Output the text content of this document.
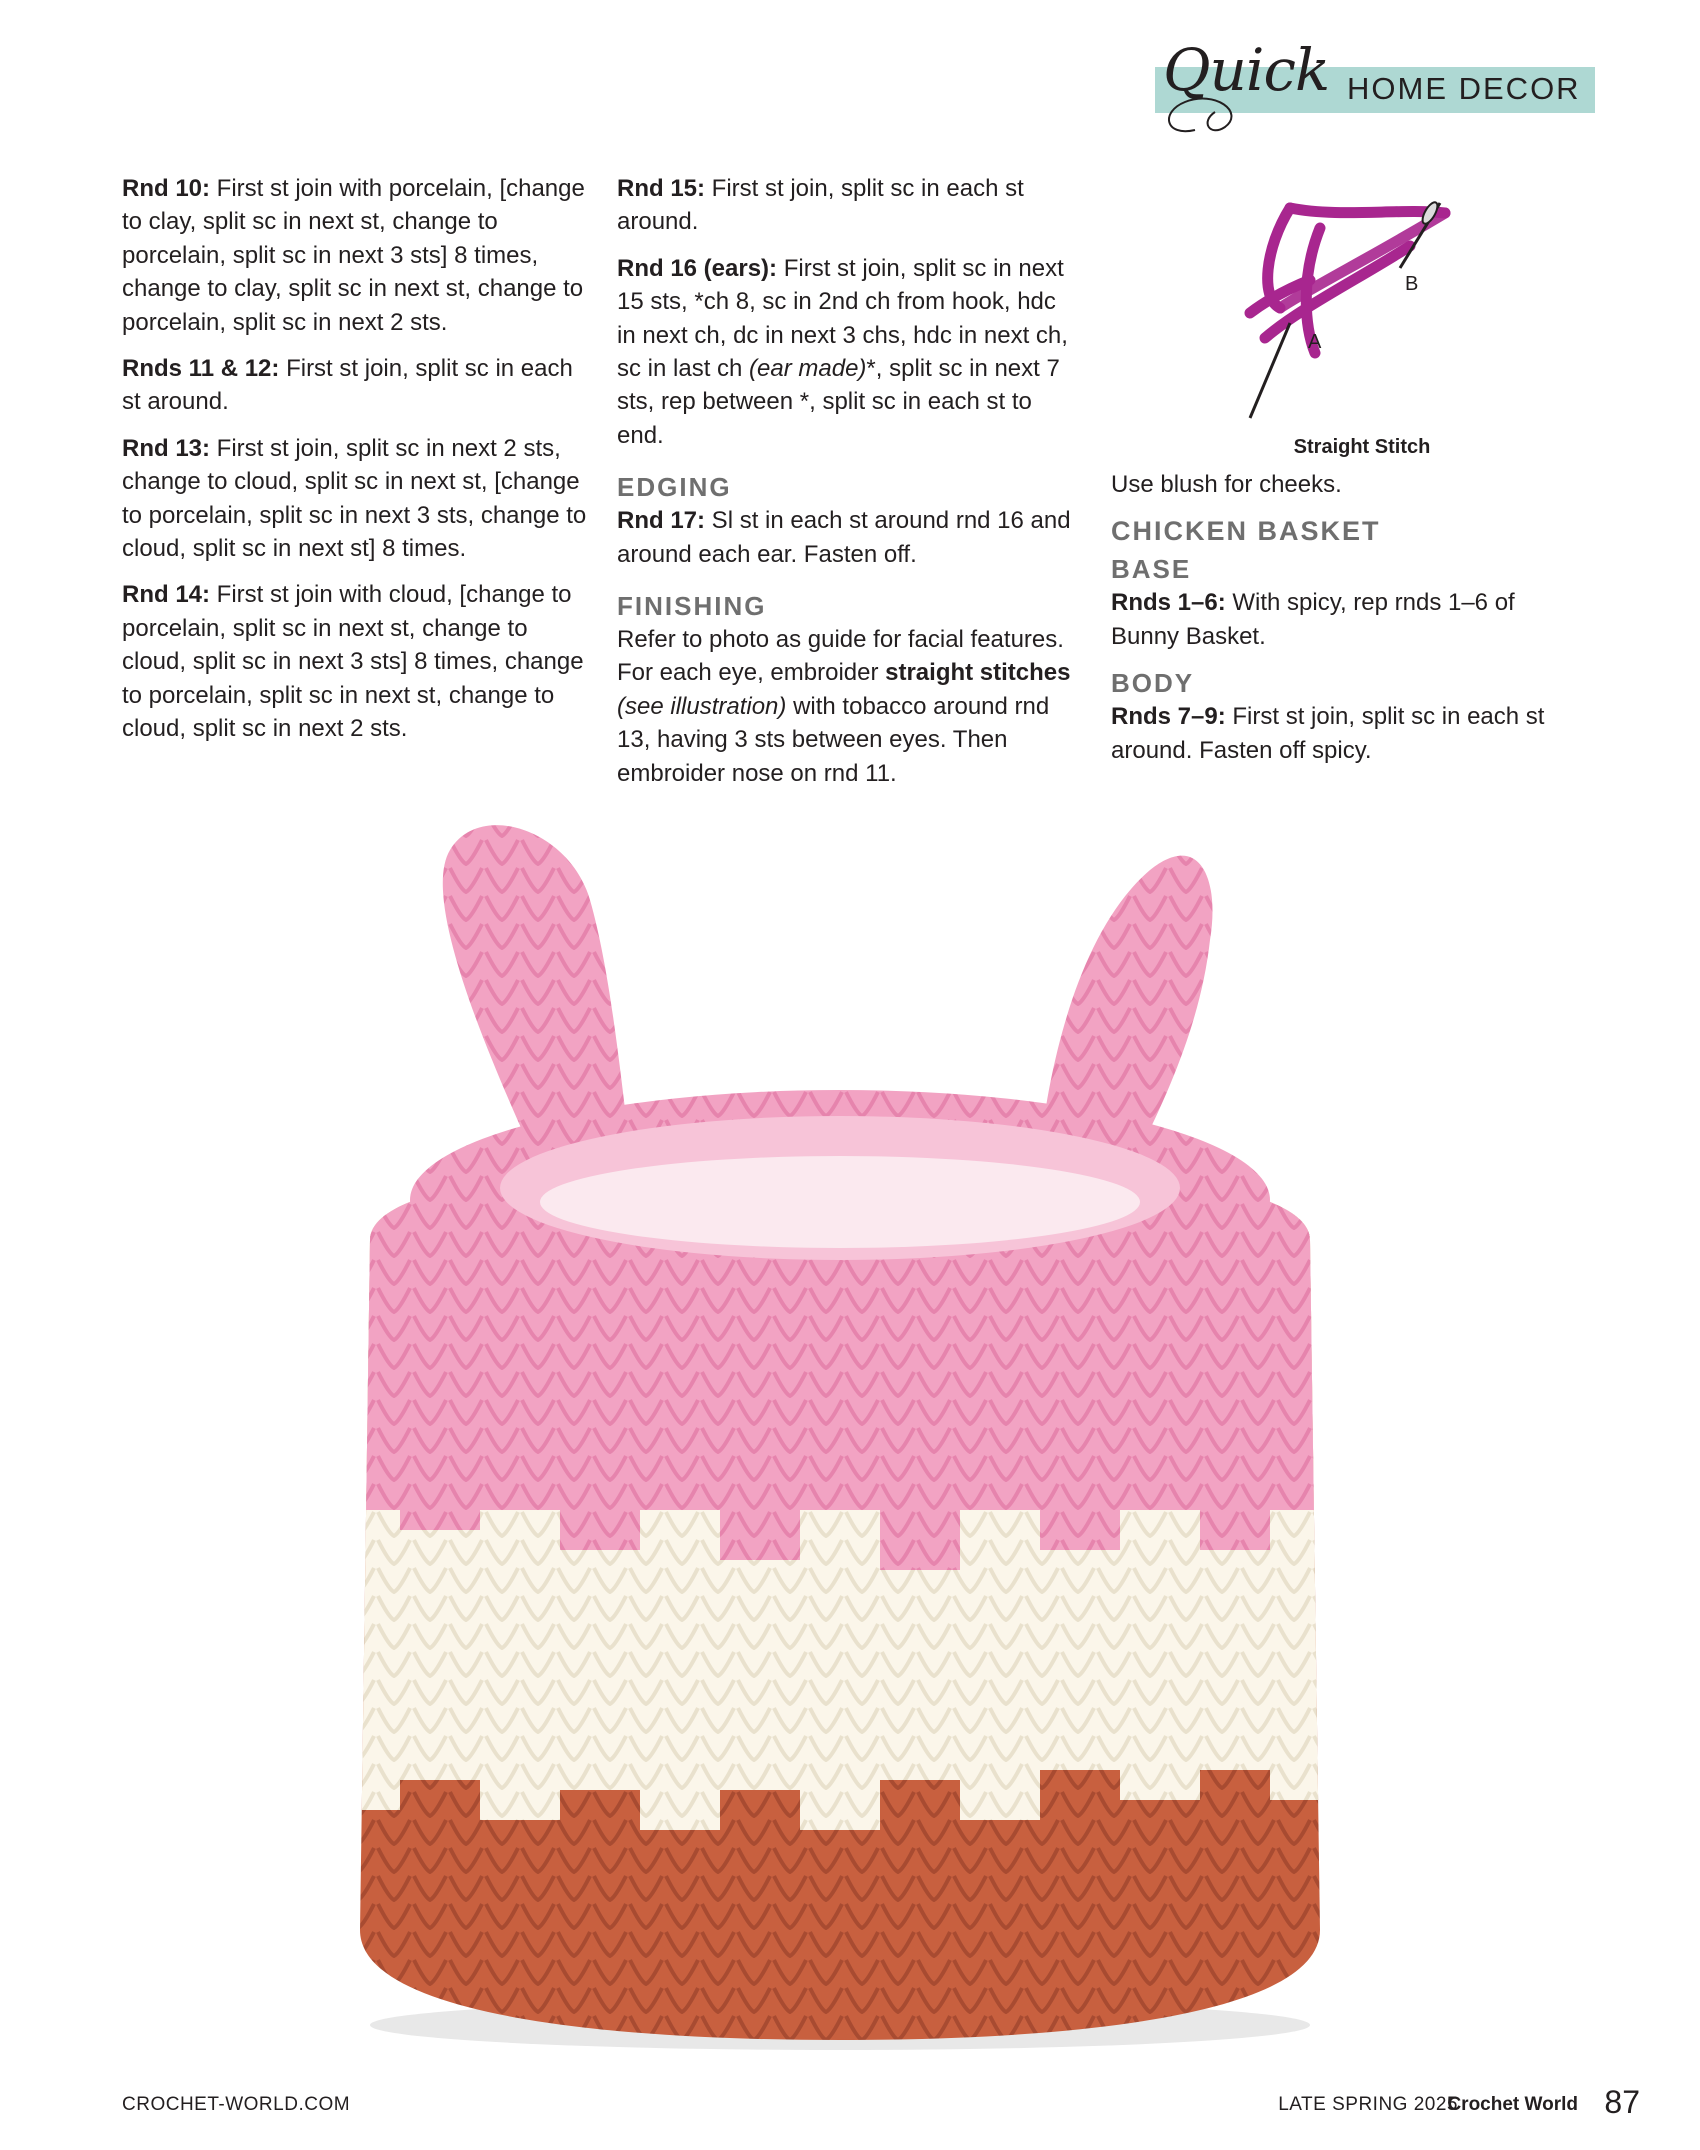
Quick HOME DECOR

Rnd 10: First st join with porcelain, [change to clay, split sc in next st, change to porcelain, split sc in next 3 sts] 8 times, change to clay, split sc in next st, change to porcelain, split sc in next 2 sts.

Rnds 11 & 12: First st join, split sc in each st around.

Rnd 13: First st join, split sc in next 2 sts, change to cloud, split sc in next st, [change to porcelain, split sc in next 3 sts, change to cloud, split sc in next st] 8 times.

Rnd 14: First st join with cloud, [change to porcelain, split sc in next st, change to cloud, split sc in next 3 sts] 8 times, change to porcelain, split sc in next st, change to cloud, split sc in next 2 sts.

Rnd 15: First st join, split sc in each st around.

Rnd 16 (ears): First st join, split sc in next 15 sts, *ch 8, sc in 2nd ch from hook, hdc in next ch, dc in next 3 chs, hdc in next ch, sc in last ch (ear made)*, split sc in next 7 sts, rep between *, split sc in each st to end.

EDGING

Rnd 17: Sl st in each st around rnd 16 and around each ear. Fasten off.

FINISHING

Refer to photo as guide for facial features. For each eye, embroider straight stitches (see illustration) with tobacco around rnd 13, having 3 sts between eyes. Then embroider nose on rnd 11.

B
A
Straight Stitch

Use blush for cheeks.

CHICKEN BASKET
BASE

Rnds 1–6: With spicy, rep rnds 1–6 of Bunny Basket.

BODY

Rnds 7–9: First st join, split sc in each st around. Fasten off spicy.

CROCHET-WORLD.COM	LATE SPRING 2025
Crochet World 87
